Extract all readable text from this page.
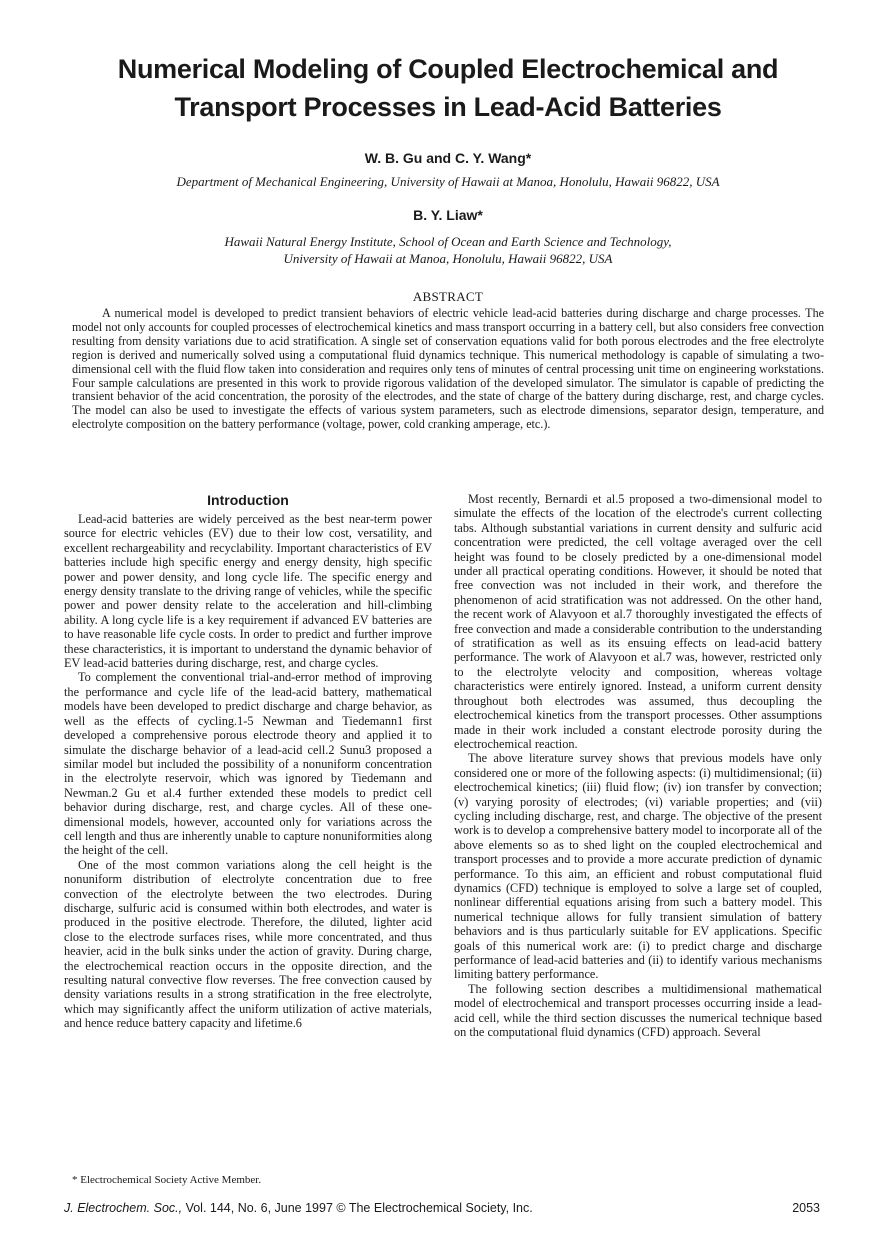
Numerical Modeling of Coupled Electrochemical and Transport Processes in Lead-Acid Batteries
W. B. Gu and C. Y. Wang*
Department of Mechanical Engineering, University of Hawaii at Manoa, Honolulu, Hawaii 96822, USA
B. Y. Liaw*
Hawaii Natural Energy Institute, School of Ocean and Earth Science and Technology,
University of Hawaii at Manoa, Honolulu, Hawaii 96822, USA
ABSTRACT

A numerical model is developed to predict transient behaviors of electric vehicle lead-acid batteries during discharge and charge processes. The model not only accounts for coupled processes of electrochemical kinetics and mass transport occurring in a battery cell, but also considers free convection resulting from density variations due to acid stratification. A single set of conservation equations valid for both porous electrodes and the free electrolyte region is derived and numerically solved using a computational fluid dynamics technique. This numerical methodology is capable of simulating a two-dimensional cell with the fluid flow taken into consideration and requires only tens of minutes of central processing unit time on engineering workstations. Four sample calculations are presented in this work to provide rigorous validation of the developed simulator. The simulator is capable of predicting the transient behavior of the acid concentration, the porosity of the electrodes, and the state of charge of the battery during discharge, rest, and charge cycles. The model can also be used to investigate the effects of various system parameters, such as electrode dimensions, separator design, temperature, and electrolyte composition on the battery performance (voltage, power, cold cranking amperage, etc.).

Introduction

Lead-acid batteries are widely perceived as the best near-term power source for electric vehicles (EV) due to their low cost, versatility, and excellent rechargeability and recyclability. Important characteristics of EV batteries include high specific energy and energy density, high specific power and power density, and long cycle life. The specific energy and energy density translate to the driving range of vehicles, while the specific power and power density relate to the acceleration and hill-climbing ability. A long cycle life is a key requirement if advanced EV batteries are to have reasonable life cycle costs. In order to predict and further improve these characteristics, it is important to understand the dynamic behavior of EV lead-acid batteries during discharge, rest, and charge cycles.

To complement the conventional trial-and-error method of improving the performance and cycle life of the lead-acid battery, mathematical models have been developed to predict discharge and charge behavior, as well as the effects of cycling.1-5 Newman and Tiedemann1 first developed a comprehensive porous electrode theory and applied it to simulate the discharge behavior of a lead-acid cell.2 Sunu3 proposed a similar model but included the possibility of a nonuniform concentration in the electrolyte reservoir, which was ignored by Tiedemann and Newman.2 Gu et al.4 further extended these models to predict cell behavior during discharge, rest, and charge cycles. All of these one-dimensional models, however, accounted only for variations across the cell length and thus are inherently unable to capture nonuniformities along the height of the cell.

One of the most common variations along the cell height is the nonuniform distribution of electrolyte concentration due to free convection of the electrolyte between the two electrodes. During discharge, sulfuric acid is consumed within both electrodes, and water is produced in the positive electrode. Therefore, the diluted, lighter acid close to the electrode surfaces rises, while more concentrated, and thus heavier, acid in the bulk sinks under the action of gravity. During charge, the electrochemical reaction occurs in the opposite direction, and the resulting natural convective flow reverses. The free convection caused by density variations results in a strong stratification in the free electrolyte, which may significantly affect the uniform utilization of active materials, and hence reduce battery capacity and lifetime.6

Most recently, Bernardi et al.5 proposed a two-dimensional model to simulate the effects of the location of the electrode's current collecting tabs. Although substantial variations in current density and sulfuric acid concentration were predicted, the cell voltage averaged over the cell height was found to be closely predicted by a one-dimensional model under all practical operating conditions. However, it should be noted that free convection was not included in their work, and therefore the phenomenon of acid stratification was not addressed. On the other hand, the recent work of Alavyoon et al.7 thoroughly investigated the effects of free convection and made a considerable contribution to the understanding of stratification as well as its ensuing effects on lead-acid battery performance. The work of Alavyoon et al.7 was, however, restricted only to the electrolyte velocity and composition, whereas voltage characteristics were entirely ignored. Instead, a uniform current density throughout both electrodes was assumed, thus decoupling the electrochemical kinetics from the transport processes. Other assumptions made in their work included a constant electrode porosity during the electrochemical reaction.

The above literature survey shows that previous models have only considered one or more of the following aspects: (i) multidimensional; (ii) electrochemical kinetics; (iii) fluid flow; (iv) ion transfer by convection; (v) varying porosity of electrodes; (vi) variable properties; and (vii) cycling including discharge, rest, and charge. The objective of the present work is to develop a comprehensive battery model to incorporate all of the above elements so as to shed light on the coupled electrochemical and transport processes and to provide a more accurate prediction of dynamic performance. To this aim, an efficient and robust computational fluid dynamics (CFD) technique is employed to solve a large set of coupled, nonlinear differential equations arising from such a battery model. This numerical technique allows for fully transient simulation of battery behaviors and is thus particularly suitable for EV applications. Specific goals of this numerical work are: (i) to predict charge and discharge performance of lead-acid batteries and (ii) to identify various mechanisms limiting battery performance.

The following section describes a multidimensional mathematical model of electrochemical and transport processes occurring inside a lead-acid cell, while the third section discusses the numerical technique based on the computational fluid dynamics (CFD) approach. Several

* Electrochemical Society Active Member.
J. Electrochem. Soc., Vol. 144, No. 6, June 1997 © The Electrochemical Society, Inc.	2053
